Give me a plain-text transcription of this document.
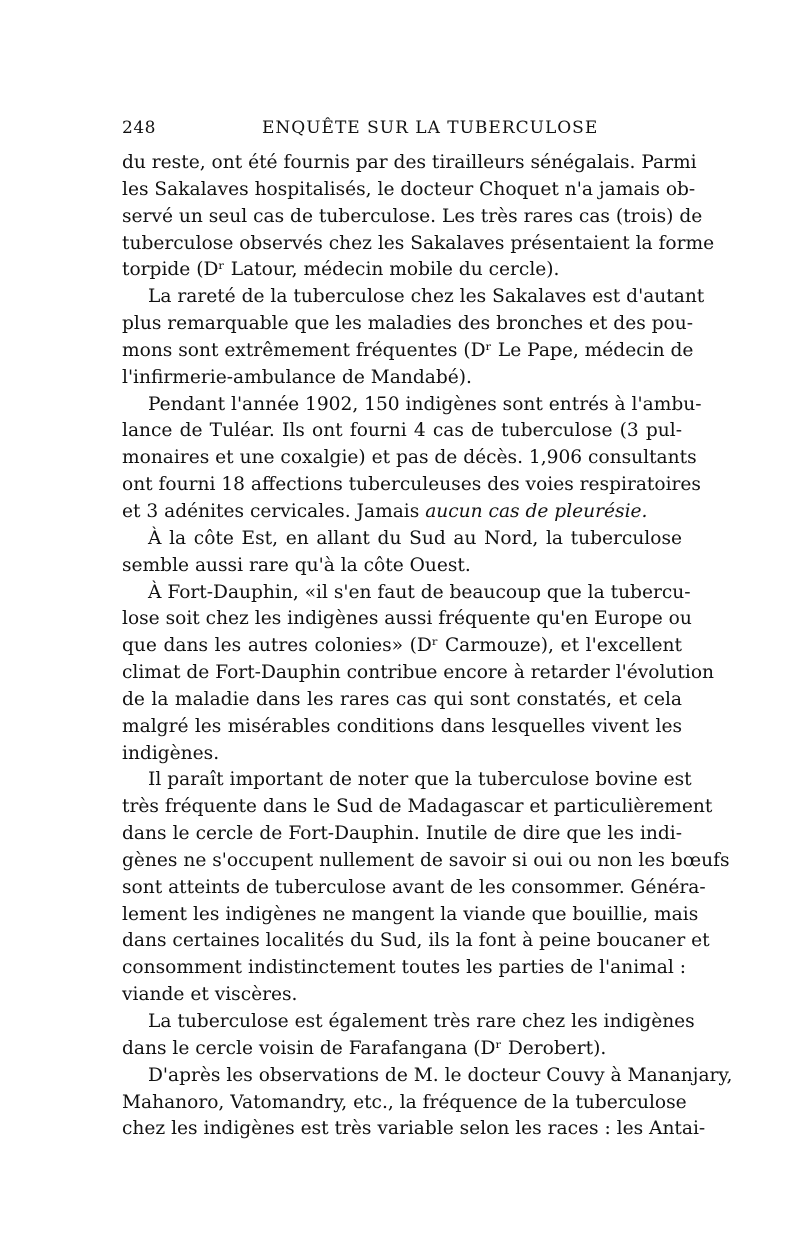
248	ENQUÊTE SUR LA TUBERCULOSE
du reste, ont été fournis par des tirailleurs sénégalais. Parmi
les Sakalaves hospitalisés, le docteur Choquet n'a jamais ob-
servé un seul cas de tuberculose. Les très rares cas (trois) de
tuberculose observés chez les Sakalaves présentaient la forme
torpide (Dʳ Latour, médecin mobile du cercle).
La rareté de la tuberculose chez les Sakalaves est d'autant
plus remarquable que les maladies des bronches et des pou-
mons sont extrêmement fréquentes (Dʳ Le Pape, médecin de
l'infirmerie-ambulance de Mandabé).
Pendant l'année 1902, 150 indigènes sont entrés à l'ambu-
lance de Tuléar. Ils ont fourni 4 cas de tuberculose (3 pul-
monaires et une coxalgie) et pas de décès. 1,906 consultants
ont fourni 18 affections tuberculeuses des voies respiratoires
et 3 adénites cervicales. Jamais aucun cas de pleurésie.
À la côte Est, en allant du Sud au Nord, la tuberculose
semble aussi rare qu'à la côte Ouest.
À Fort-Dauphin, «il s'en faut de beaucoup que la tubercu-
lose soit chez les indigènes aussi fréquente qu'en Europe ou
que dans les autres colonies» (Dʳ Carmouze), et l'excellent
climat de Fort-Dauphin contribue encore à retarder l'évolution
de la maladie dans les rares cas qui sont constatés, et cela
malgré les misérables conditions dans lesquelles vivent les
indigènes.
Il paraît important de noter que la tuberculose bovine est
très fréquente dans le Sud de Madagascar et particulièrement
dans le cercle de Fort-Dauphin. Inutile de dire que les indi-
gènes ne s'occupent nullement de savoir si oui ou non les bœufs
sont atteints de tuberculose avant de les consommer. Généra-
lement les indigènes ne mangent la viande que bouillie, mais
dans certaines localités du Sud, ils la font à peine boucaner et
consomment indistinctement toutes les parties de l'animal :
viande et viscères.
La tuberculose est également très rare chez les indigènes
dans le cercle voisin de Farafangana (Dʳ Derobert).
D'après les observations de M. le docteur Couvy à Mananjary,
Mahanoro, Vatomandry, etc., la fréquence de la tuberculose
chez les indigènes est très variable selon les races : les Antai-
